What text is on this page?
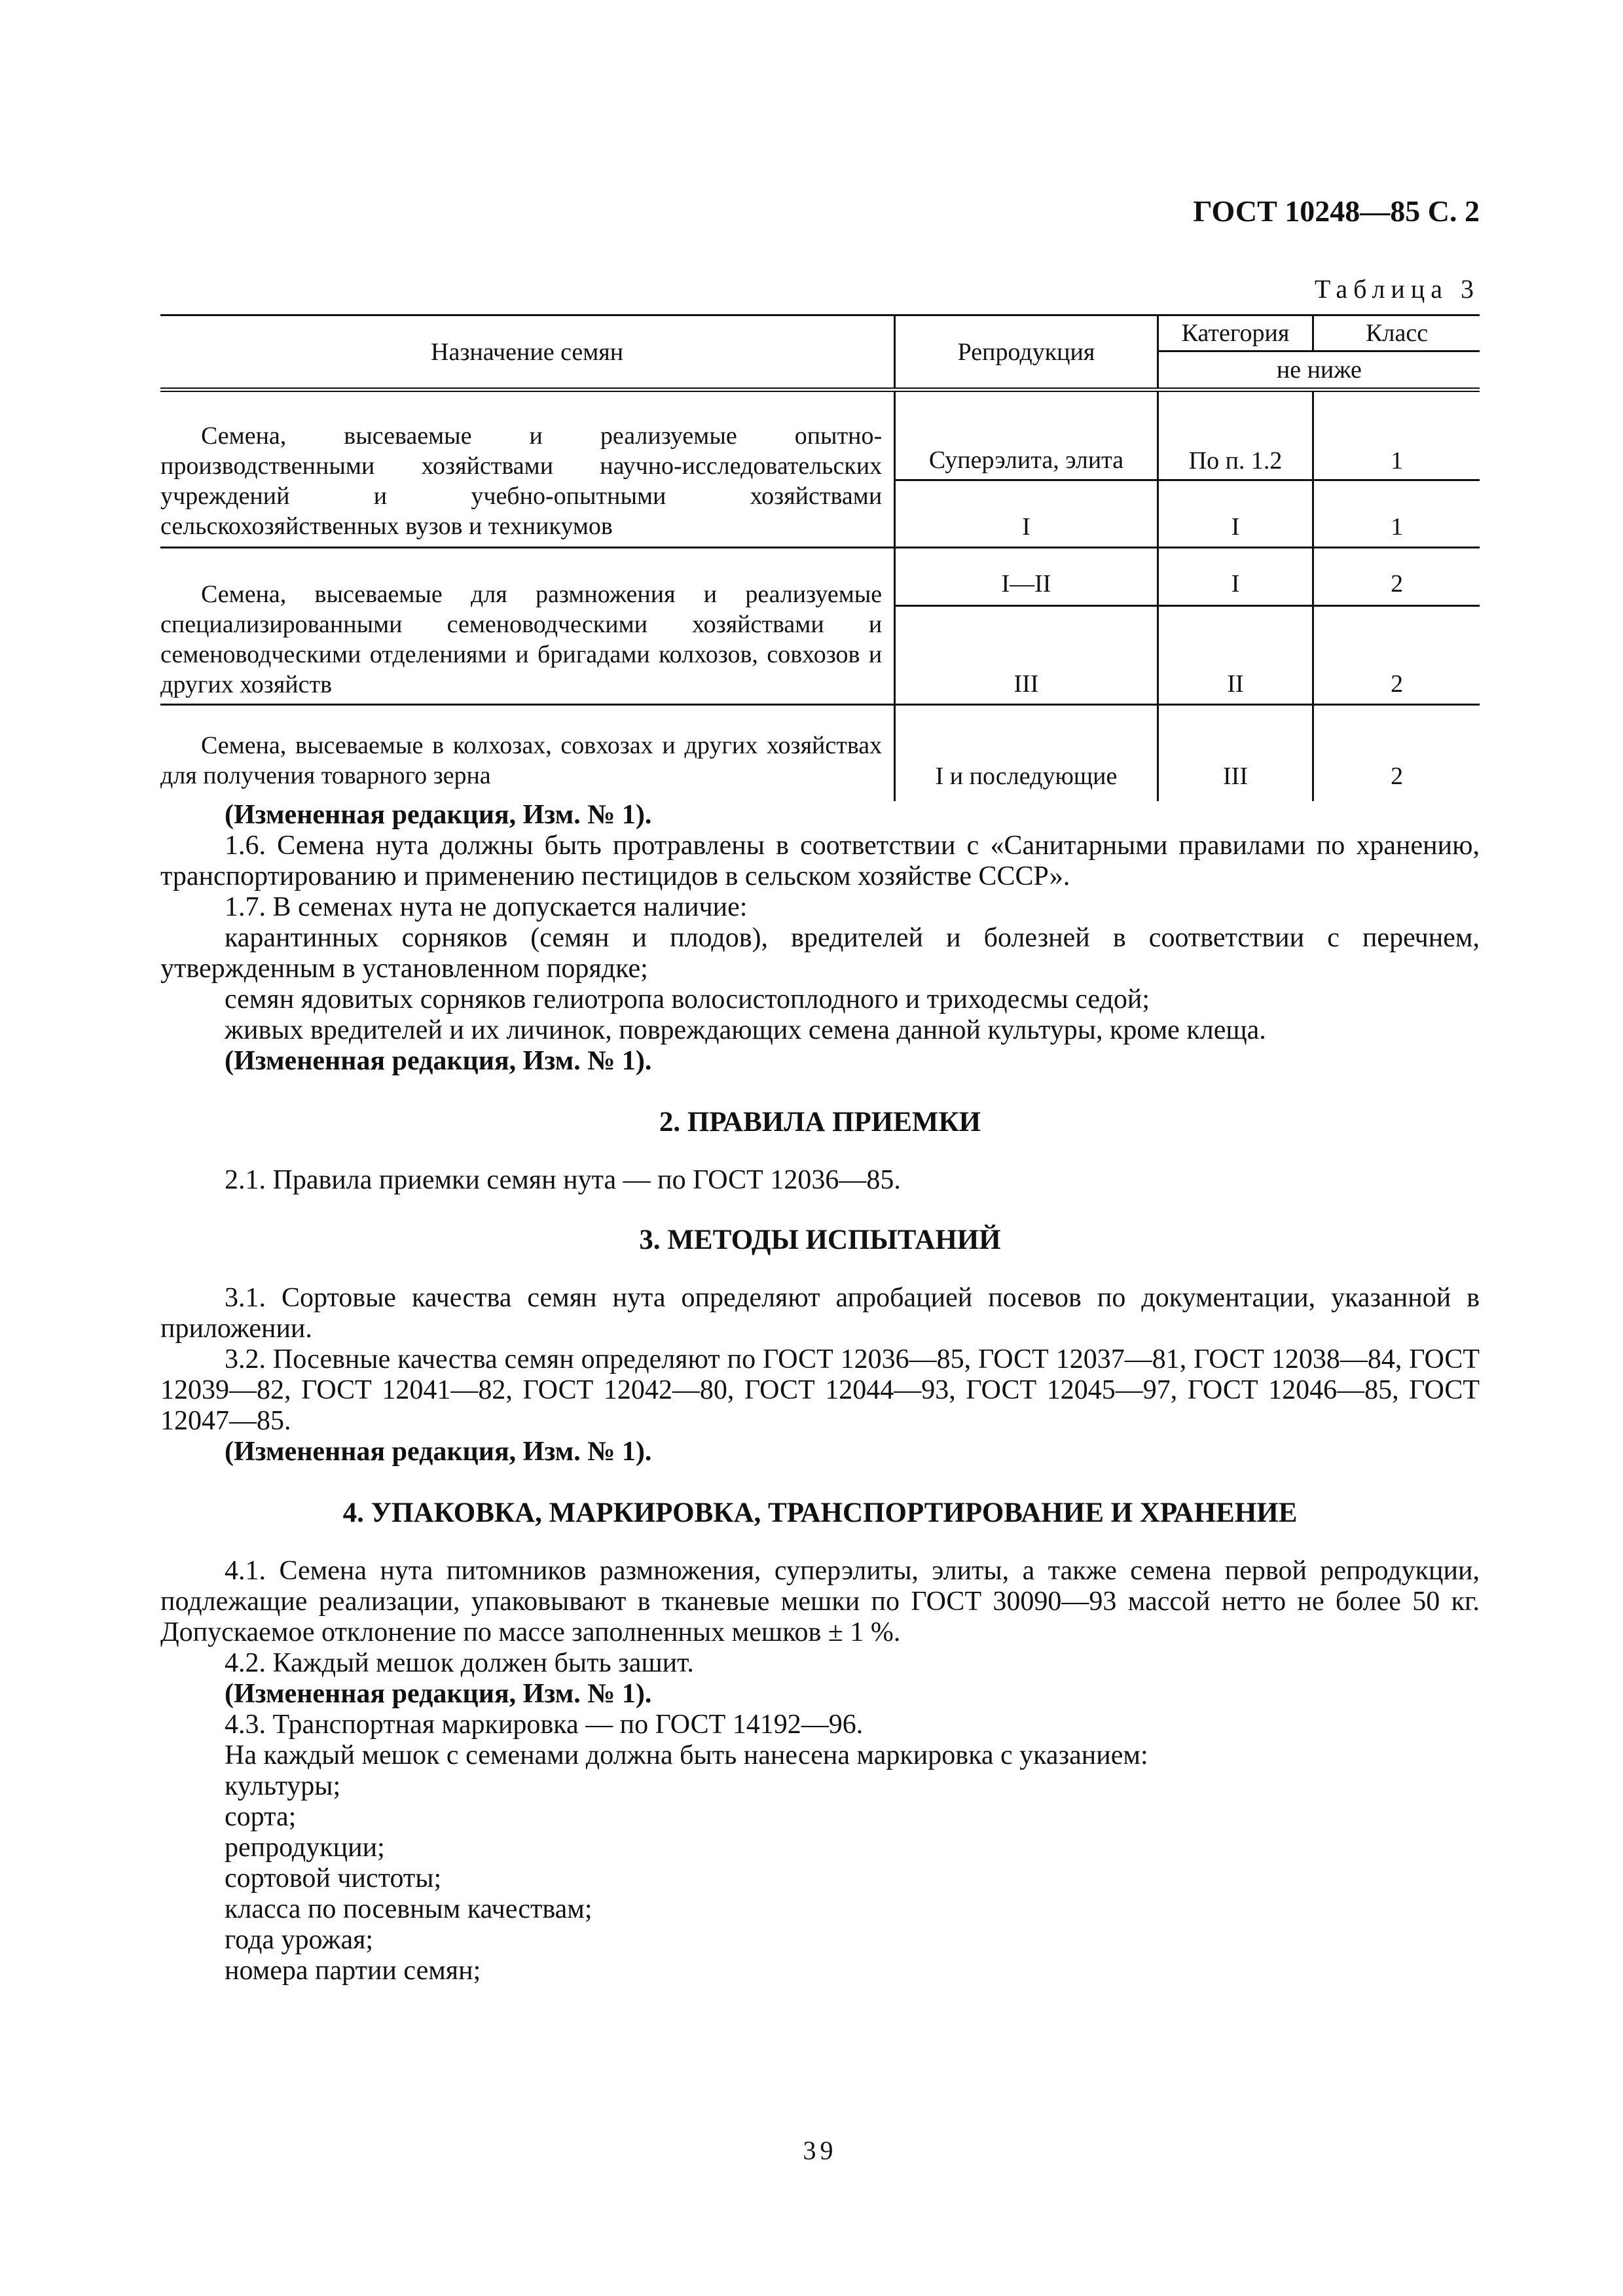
ГОСТ 10248—85 С. 2
Таблица 3
Назначение семян	Репродукция	Категория	Класс
		не ниже	

Семена, высеваемые и реализуемые опытно-производственными хозяйствами научно-исследовательских учреждений и учебно-опытными хозяйствами сельскохозяйственных вузов и техникумов	Суперэлита, элита	По п. 1.2	1
	I	I	1

Семена, высеваемые для размножения и реализуемые специализированными семеноводческими хозяйствами и семеноводческими отделениями и бригадами колхозов, совхозов и других хозяйств	I—II	I	2
	III	II	2

Семена, высеваемые в колхозах, совхозах и других хозяйствах для получения товарного зерна	I и последующие	III	2

(Измененная редакция, Изм. № 1).

1.6. Семена нута должны быть протравлены в соответствии с «Санитарными правилами по хранению, транспортированию и применению пестицидов в сельском хозяйстве СССР».

1.7. В семенах нута не допускается наличие:

карантинных сорняков (семян и плодов), вредителей и болезней в соответствии с перечнем, утвержденным в установленном порядке;

семян ядовитых сорняков гелиотропа волосистоплодного и триходесмы седой;

живых вредителей и их личинок, повреждающих семена данной культуры, кроме клеща.

(Измененная редакция, Изм. № 1).

2. ПРАВИЛА ПРИЕМКИ

2.1. Правила приемки семян нута — по ГОСТ 12036—85.

3. МЕТОДЫ ИСПЫТАНИЙ

3.1. Сортовые качества семян нута определяют апробацией посевов по документации, указанной в приложении.

3.2. Посевные качества семян определяют по ГОСТ 12036—85, ГОСТ 12037—81, ГОСТ 12038—84, ГОСТ 12039—82, ГОСТ 12041—82, ГОСТ 12042—80, ГОСТ 12044—93, ГОСТ 12045—97, ГОСТ 12046—85, ГОСТ 12047—85.

(Измененная редакция, Изм. № 1).

4. УПАКОВКА, МАРКИРОВКА, ТРАНСПОРТИРОВАНИЕ И ХРАНЕНИЕ

4.1. Семена нута питомников размножения, суперэлиты, элиты, а также семена первой репродукции, подлежащие реализации, упаковывают в тканевые мешки по ГОСТ 30090—93 массой нетто не более 50 кг. Допускаемое отклонение по массе заполненных мешков ± 1 %.

4.2. Каждый мешок должен быть зашит.

(Измененная редакция, Изм. № 1).

4.3. Транспортная маркировка — по ГОСТ 14192—96.

На каждый мешок с семенами должна быть нанесена маркировка с указанием:

культуры;

сорта;

репродукции;

сортовой чистоты;

класса по посевным качествам;

года урожая;

номера партии семян;

39
